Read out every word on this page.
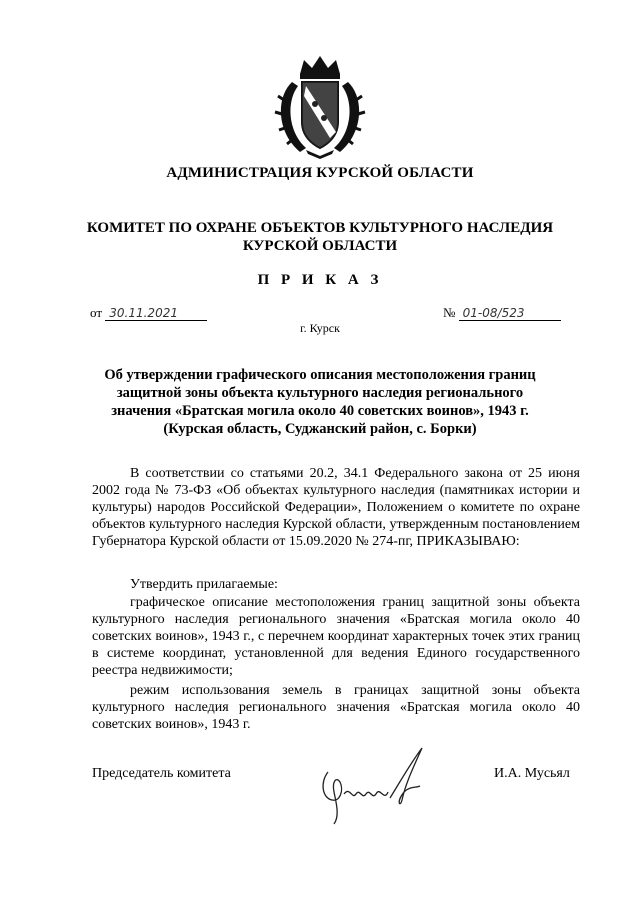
АДМИНИСТРАЦИЯ КУРСКОЙ ОБЛАСТИ
КОМИТЕТ ПО ОХРАНЕ ОБЪЕКТОВ КУЛЬТУРНОГО НАСЛЕДИЯ
КУРСКОЙ ОБЛАСТИ
П Р И К А З
от 30.11.2021	№ 01-08/523
г. Курск
Об утверждении графического описания местоположения границ
защитной зоны объекта культурного наследия регионального
значения «Братская могила около 40 советских воинов», 1943 г.
(Курская область, Суджанский район, с. Борки)
В соответствии со статьями 20.2, 34.1 Федерального закона от 25 июня 2002 года № 73-ФЗ «Об объектах культурного наследия (памятниках истории и культуры) народов Российской Федерации», Положением о комитете по охране объектов культурного наследия Курской области, утвержденным постановлением Губернатора Курской области от 15.09.2020 № 274-пг, ПРИКАЗЫВАЮ:
Утвердить прилагаемые:
графическое описание местоположения границ защитной зоны объекта культурного наследия регионального значения «Братская могила около 40 советских воинов», 1943 г., с перечнем координат характерных точек этих границ в системе координат, установленной для ведения Единого государственного реестра недвижимости;
режим использования земель в границах защитной зоны объекта культурного наследия регионального значения «Братская могила около 40 советских воинов», 1943 г.
Председатель комитета	И.А. Мусьял
